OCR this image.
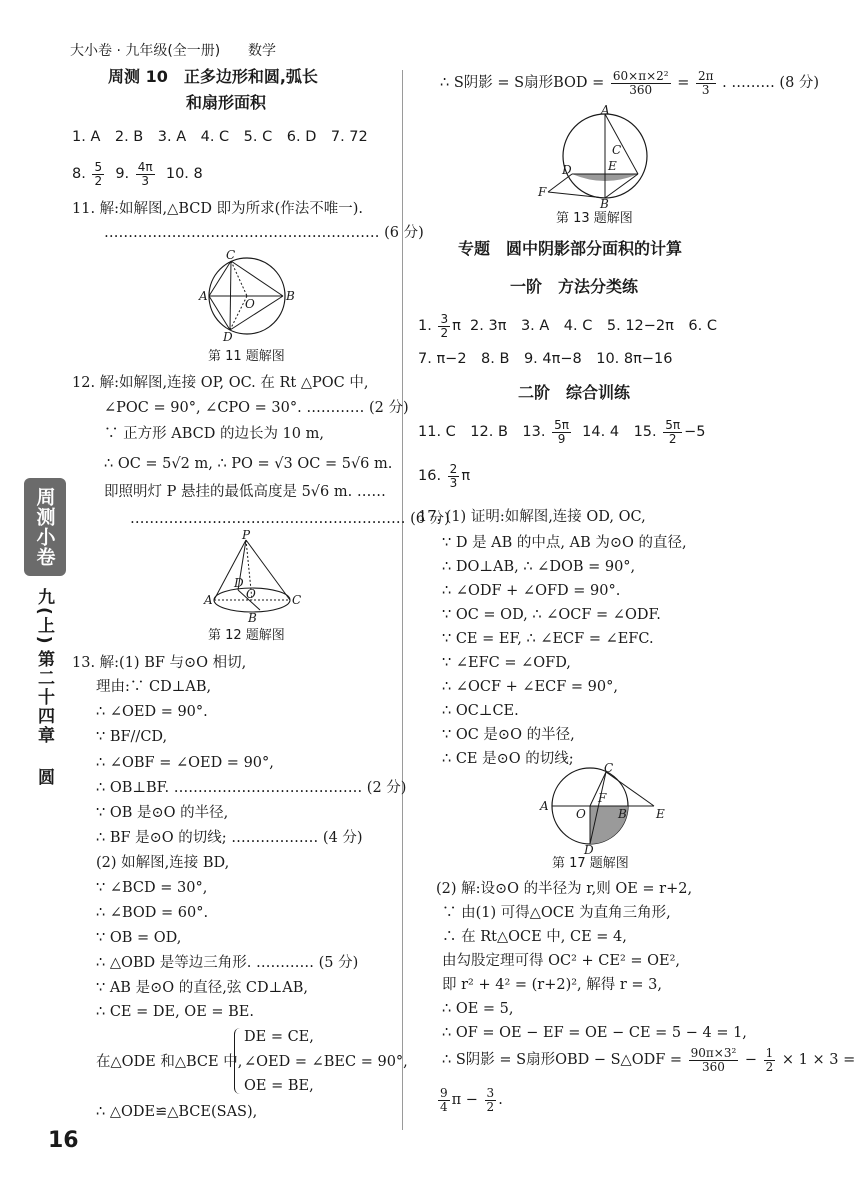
大小卷 · 九年级(全一册) 数学
周测小卷
九(上)
第二十四章
圆
周测 10　正多边形和圆,弧长
和扇形面积
1. A　2. B　3. A　4. C　5. C　6. D　7. 72
8. $\frac{5}{2} 9$. $\frac{4\pi}{3} 10$. 8
11. 解:如解图,△BCD 即为所求(作法不唯一).
………………………………………………… (6 分)
C
A
O
B
D
第 11 题解图
12. 解:如解图,连接 OP, OC. 在 Rt △POC 中,
∠POC = 90°, ∠CPO = 30°. ………… (2 分)
∵ 正方形 ABCD 的边长为 10 m,
∴ OC = 5√2 m, ∴ PO = √3 OC = 5√6 m.
即照明灯 P 悬挂的最低高度是 5√6 m. ……
………………………………………………… (6 分)
P
D
A	O
B
C
第 12 题解图
13. 解:(1) BF 与⊙O 相切,
理由:∵ CD⊥AB,
∴ ∠OED = 90°.
∵ BF//CD,
∴ ∠OBF = ∠OED = 90°,
∴ OB⊥BF. ………………………………… (2 分)
∵ OB 是⊙O 的半径,
∴ BF 是⊙O 的切线; ……………… (4 分)
(2) 如解图,连接 BD,
∵ ∠BCD = 30°,
∴ ∠BOD = 60°.
∵ OB = OD,
∴ △OBD 是等边三角形. ………… (5 分)
∵ AB 是⊙O 的直径,弦 CD⊥AB,
∴ CE = DE, OE = BE.
在△ODE 和△BCE 中,
DE = CE,
∠OED = ∠BEC = 90°,
OE = BE,
∴ △ODE≌△BCE(SAS),
16
∴ S阴影 = S扇形BOD = $\frac{\text{60×π×2²}}{360} = \frac{2\pi}{3}$ . ……… (8 分)
A
C
E
D
F
B
第 13 题解图
专题　圆中阴影部分面积的计算
一阶　方法分类练
1. $\frac{3}{2}$ π 2. 3π　3. A　4. C　5. 12−2π　6. C
7. π−2　8. B　9. 4π−8　10. 8π−16
二阶　综合训练
11. C　12. B　13. $\frac{5\pi}{9} 14$. 4　15. $\frac{5\pi}{2} -5$
16. $\frac{2}{3}$ π
17. (1) 证明:如解图,连接 OD, OC,
∵ D 是 AB 的中点, AB 为⊙O 的直径,
∴ DO⊥AB, ∴ ∠DOB = 90°,
∴ ∠ODF + ∠OFD = 90°.
∵ OC = OD, ∴ ∠OCF = ∠ODF.
∵ CE = EF, ∴ ∠ECF = ∠EFC.
∵ ∠EFC = ∠OFD,
∴ ∠OCF + ∠ECF = 90°,
∴ OC⊥CE.
∵ OC 是⊙O 的半径,
∴ CE 是⊙O 的切线;
C
A
O
F
B E
D
第 17 题解图
(2) 解:设⊙O 的半径为 r,则 OE = r+2,
∵ 由(1) 可得△OCE 为直角三角形,
∴ 在 Rt△OCE 中, CE = 4,
由勾股定理可得 OC² + CE² = OE²,
即 r² + 4² = (r+2)², 解得 r = 3,
∴ OE = 5,
∴ OF = OE − EF = OE − CE = 5 − 4 = 1,
∴ S阴影 = S扇形OBD − S△ODF = $\frac{\text{90π×3²}}{360} - \frac{1}{2} \times 1 \times 3$ =
$\frac{9}{4}$ $\pi - \frac{3}{2}$ .
